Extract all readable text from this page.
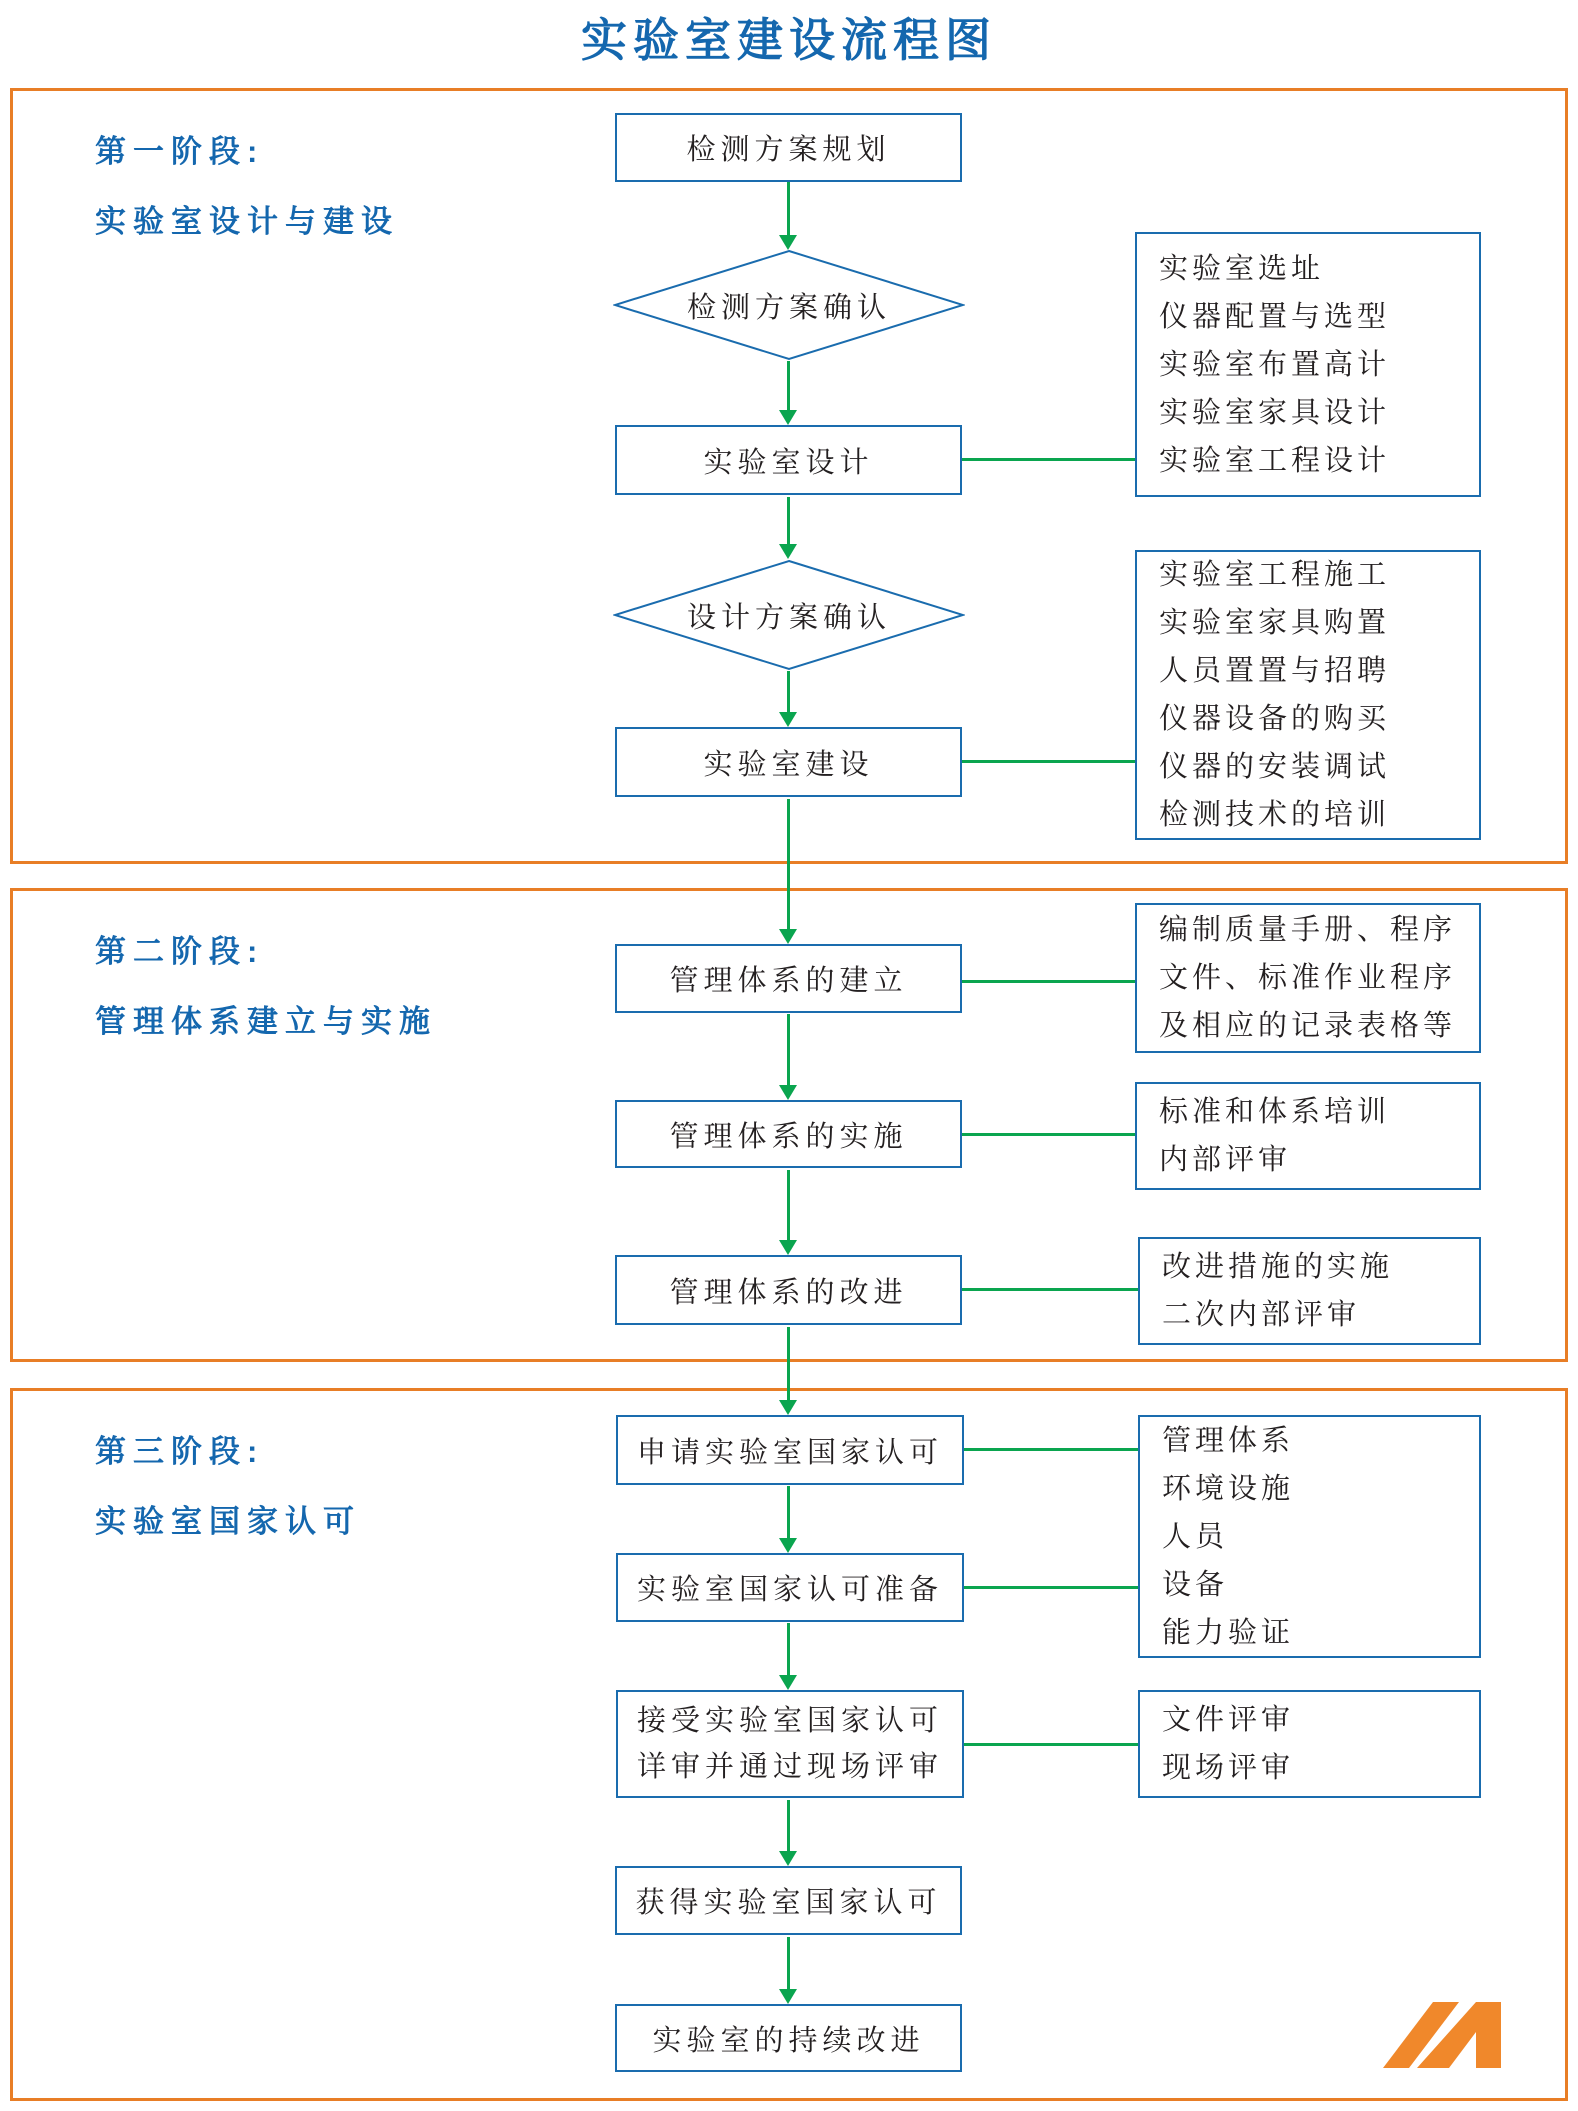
实验室建设流程图
第一阶段:
实验室设计与建设
第二阶段:
管理体系建立与实施
第三阶段:
实验室国家认可
检测方案规划
检测方案确认
实验室设计
设计方案确认
实验室建设
管理体系的建立
管理体系的实施
管理体系的改进
申请实验室国家认可
实验室国家认可准备
接受实验室国家认可
详审并通过现场评审
获得实验室国家认可
实验室的持续改进
实验室选址
仪器配置与选型
实验室布置高计
实验室家具设计
实验室工程设计
实验室工程施工
实验室家具购置
人员置置与招聘
仪器设备的购买
仪器的安装调试
检测技术的培训
编制质量手册、程序
文件、标准作业程序
及相应的记录表格等
标准和体系培训
内部评审
改进措施的实施
二次内部评审
管理体系
环境设施
人员
设备
能力验证
文件评审
现场评审
